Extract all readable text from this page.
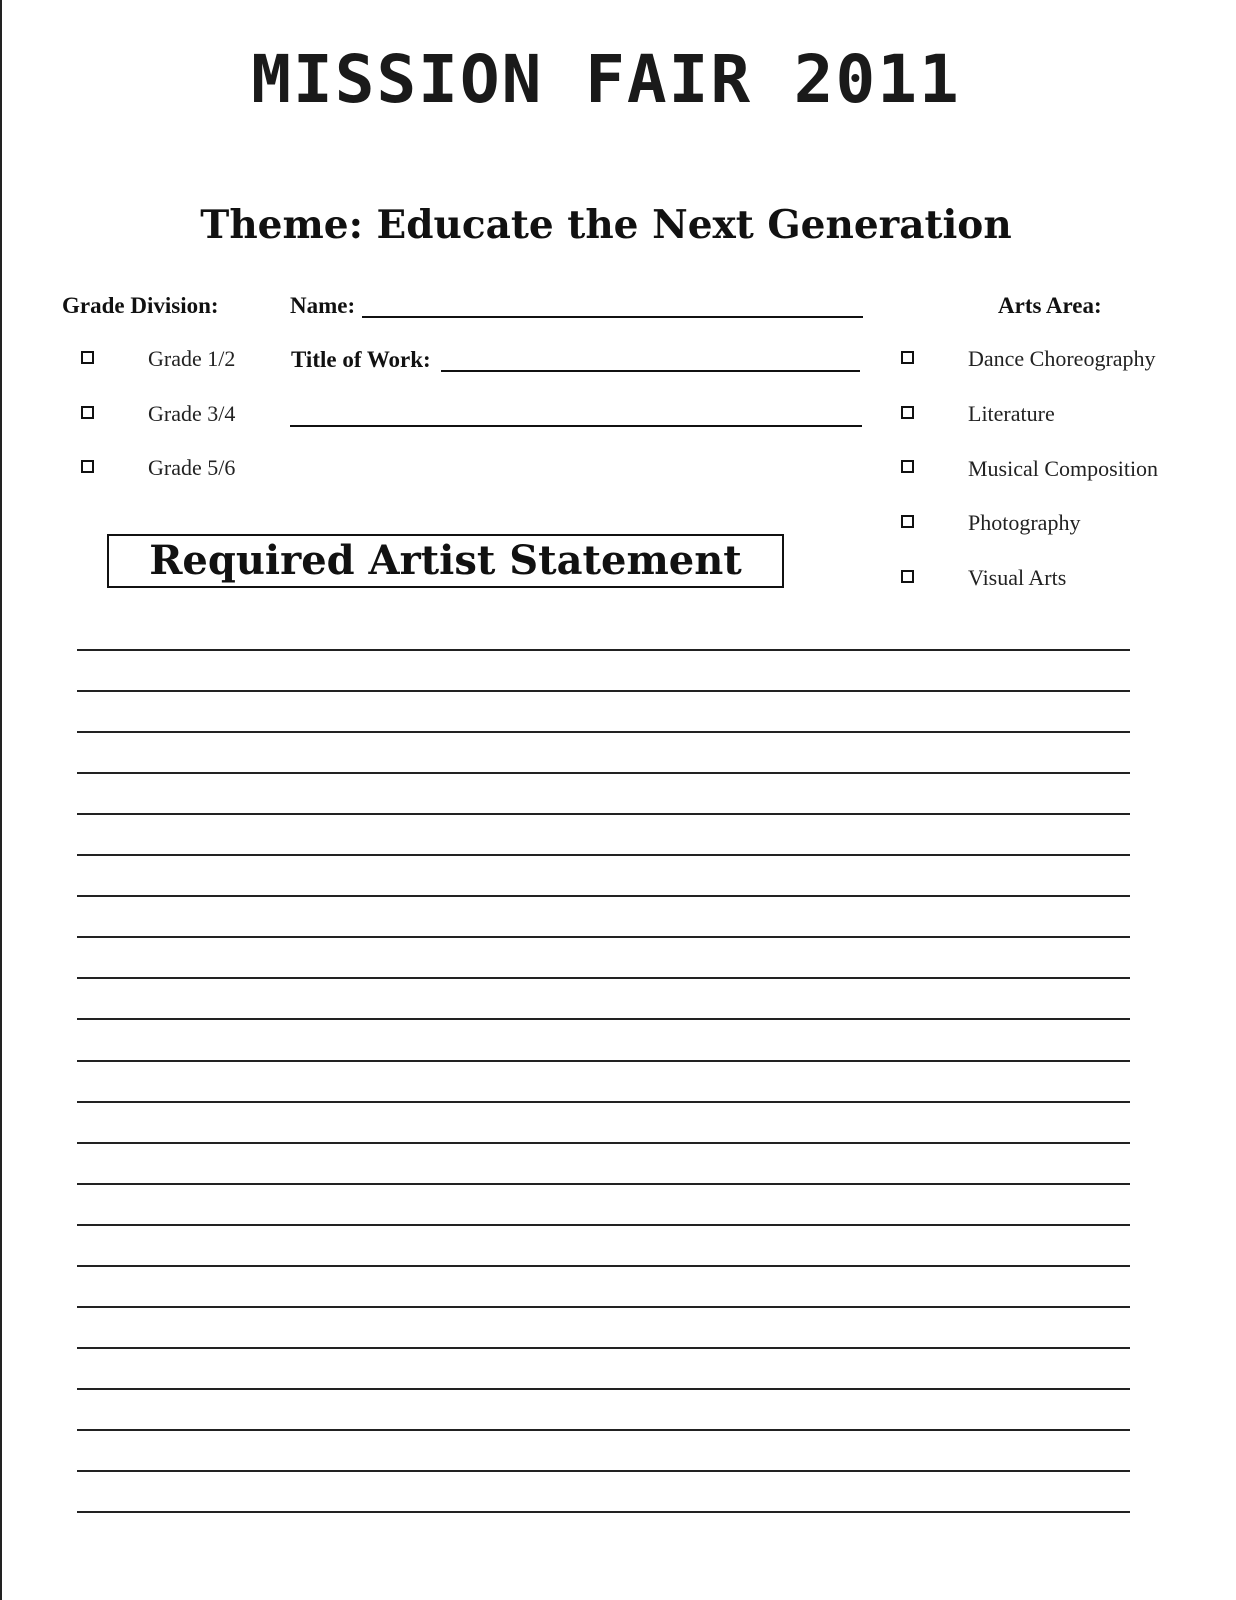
MISSION FAIR 2011
Theme: Educate the Next Generation
Grade Division:
Grade 1/2
Grade 3/4
Grade 5/6
Name:
Title of Work:
Arts Area:
Dance Choreography
Literature
Musical Composition
Photography
Visual Arts
Required Artist Statement
